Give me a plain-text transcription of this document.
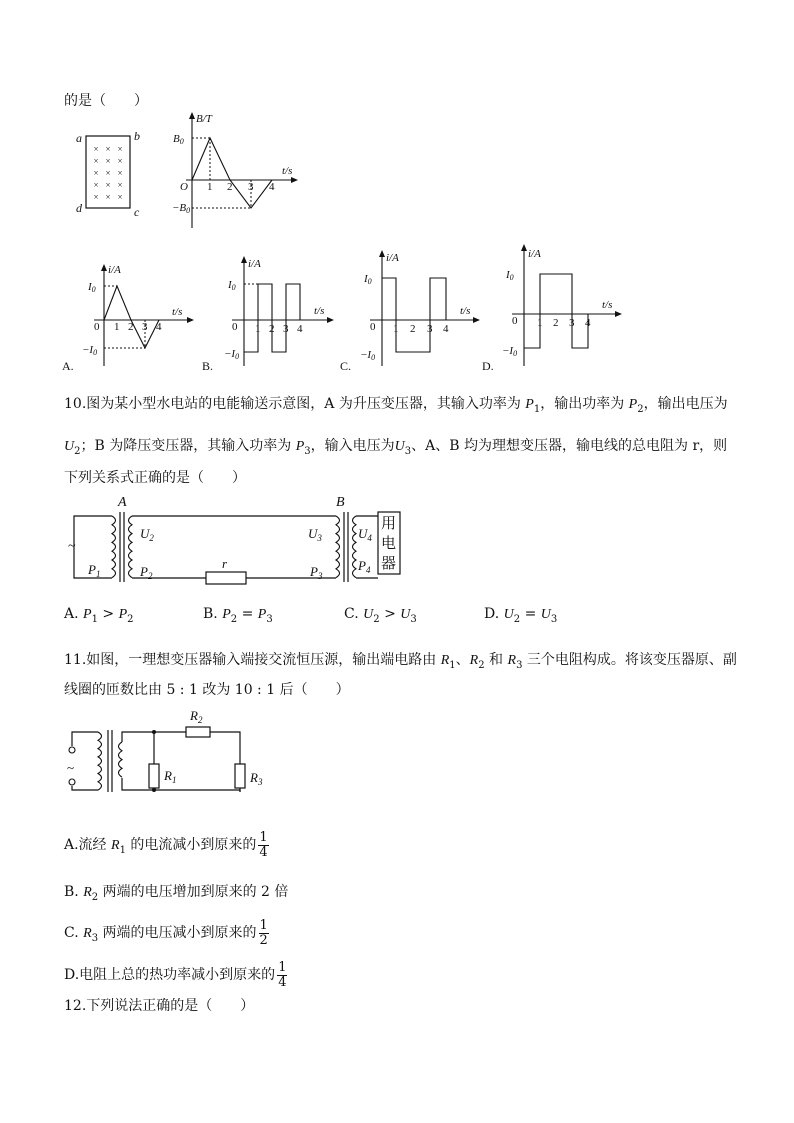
的是（　　）
× × ×
× × ×
× × ×
× × ×
× × ×
a	b
d	c
B/T
B0
−B0
O 1 2 3 4
t/s
A.
i/A
I0
−I0
0 1 2 3 4
t/s
B.
i/A
I0
−I0
0 1 2 3 4
t/s
C.
i/A
I0
−I0
0 1 2 3 4
t/s
D.
i/A
I0
−I0
0 1 2 3 4
t/s
10.图为某小型水电站的电能输送示意图，A 为升压变压器，其输入功率为 $P_1$，输出功率为 $P_2$，输出电压为
$U_2$；B 为降压变压器，其输入功率为 $P_3$，输入电压为$U_3$、A、B 均为理想变压器，输电线的总电阻为 r，则
下列关系式正确的是（　　）
~
A
$P_1$
$U_2$
$P_2$
r
B
$U_3$
$P_3$
$U_4$
$P_4$
用
电
器
A. $P_1 > P_2$	B. $P_2 = P_3$	C. $U_2 > U_3$	D. $U_2 = U_3$
11.如图，一理想变压器输入端接交流恒压源，输出端电路由 $R_1$、$R_2$ 和 $R_3$ 三个电阻构成。将该变压器原、副
线圈的匝数比由 5 : 1 改为 10 : 1 后（　　）
~
$R_1$
$R_2$
$R_3$
A.流经 $R_1$ 的电流减小到原来的 $\frac{1}{4}$
B. $R_2$ 两端的电压增加到原来的 2 倍
C. $R_3$ 两端的电压减小到原来的 $\frac{1}{2}$
D.电阻上总的热功率减小到原来的 $\frac{1}{4}$
12.下列说法正确的是（　　）
